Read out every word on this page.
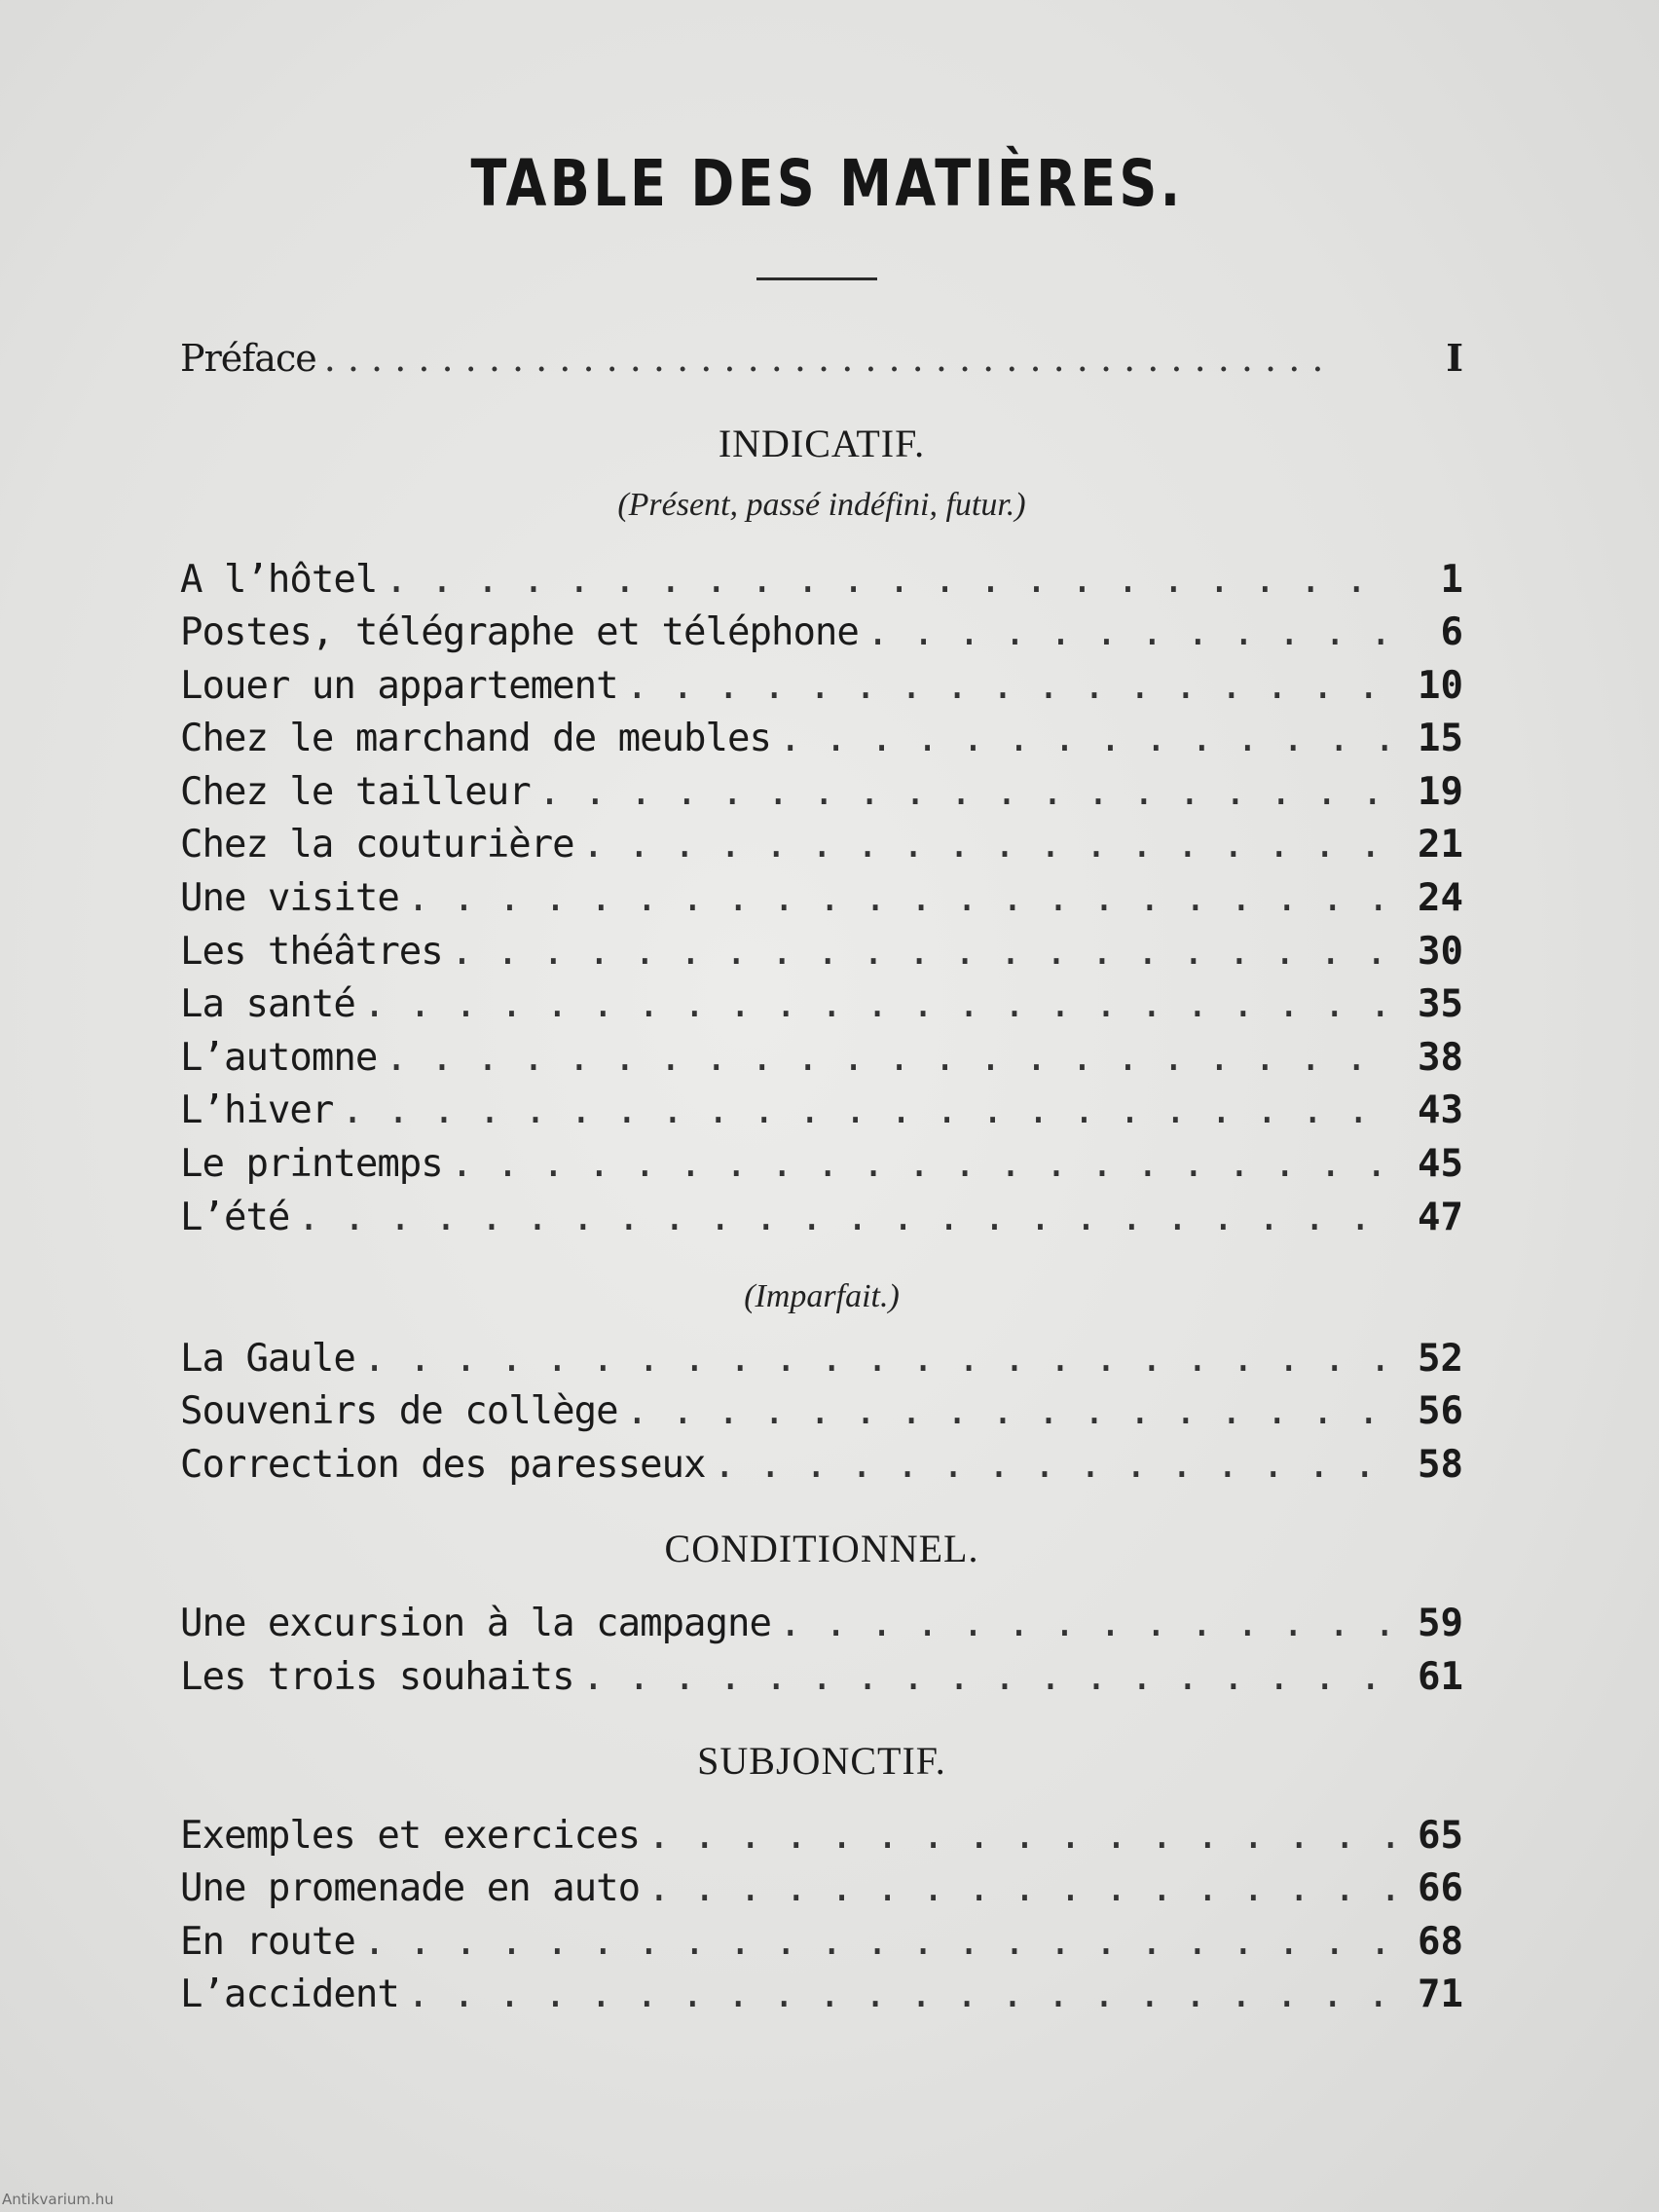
TABLE DES MATIÈRES.
Préface . .	I
INDICATIF.
(Présent, passé indéfini, futur.)
A l’hôtel . .	1
Postes, télégraphe et téléphone . .	6
Louer un appartement . .	10
Chez le marchand de meubles . .	15
Chez le tailleur . .	19
Chez la couturière . .	21
Une visite . .	24
Les théâtres . .	30
La santé . .	35
L’automne . .	38
L’hiver . .	43
Le printemps . .	45
L’été . .	47
(Imparfait.)
La Gaule . .	52
Souvenirs de collège . .	56
Correction des paresseux . .	58
CONDITIONNEL.
Une excursion à la campagne . .	59
Les trois souhaits . .	61
SUBJONCTIF.
Exemples et exercices . .	65
Une promenade en auto . .	66
En route . .	68
L’accident . .	71
Antikvarium.hu
